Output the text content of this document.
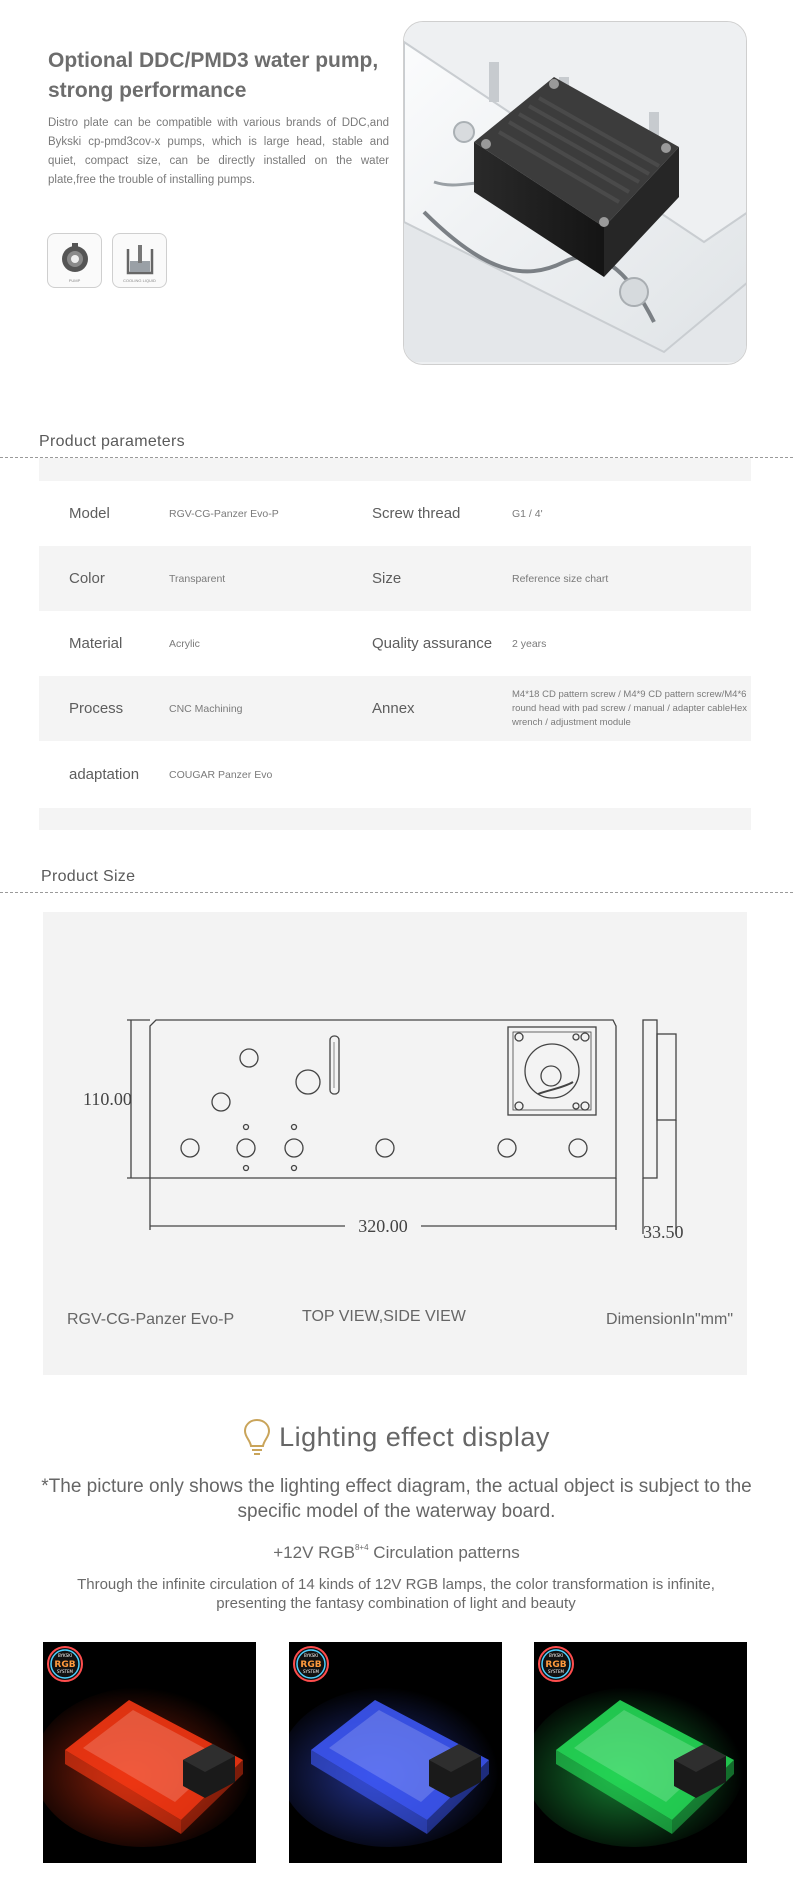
Optional DDC/PMD3 water pump, strong performance

Distro plate can be compatible with various brands of DDC,and Bykski cp-pmd3cov-x pumps, which is large head, stable and quiet, compact size, can be directly installed on the water plate,free the trouble of installing pumps.

PUMP	COOLING LIQUID
Product parameters
Model	RGV-CG-Panzer Evo-P	Screw thread	G1 / 4'
Color	Transparent	Size	Reference size chart
Material	Acrylic	Quality assurance 2 years
Process	CNC Machining	Annex
M4*18 CD pattern screw / M4*9 CD pattern screw/M4*6 round head with pad screw / manual / adapter cableHex wrench / adjustment module
adaptation	COUGAR Panzer Evo
Product Size
110.00
320.00	33.50
RGV-CG-Panzer Evo-P	TOP VIEW,SIDE VIEW	DimensionIn"mm"
Lighting effect display

*The picture only shows the lighting effect diagram, the actual object is subject to the specific model of the waterway board.

+12V $RGB^{8+4}$ Circulation patterns

Through the infinite circulation of 14 kinds of 12V RGB lamps, the color transformation is infinite, presenting the fantasy combination of light and beauty

BYKSKI
RGB
SYSTEM
BYKSKI
RGB
SYSTEM
BYKSKI
RGB
SYSTEM
